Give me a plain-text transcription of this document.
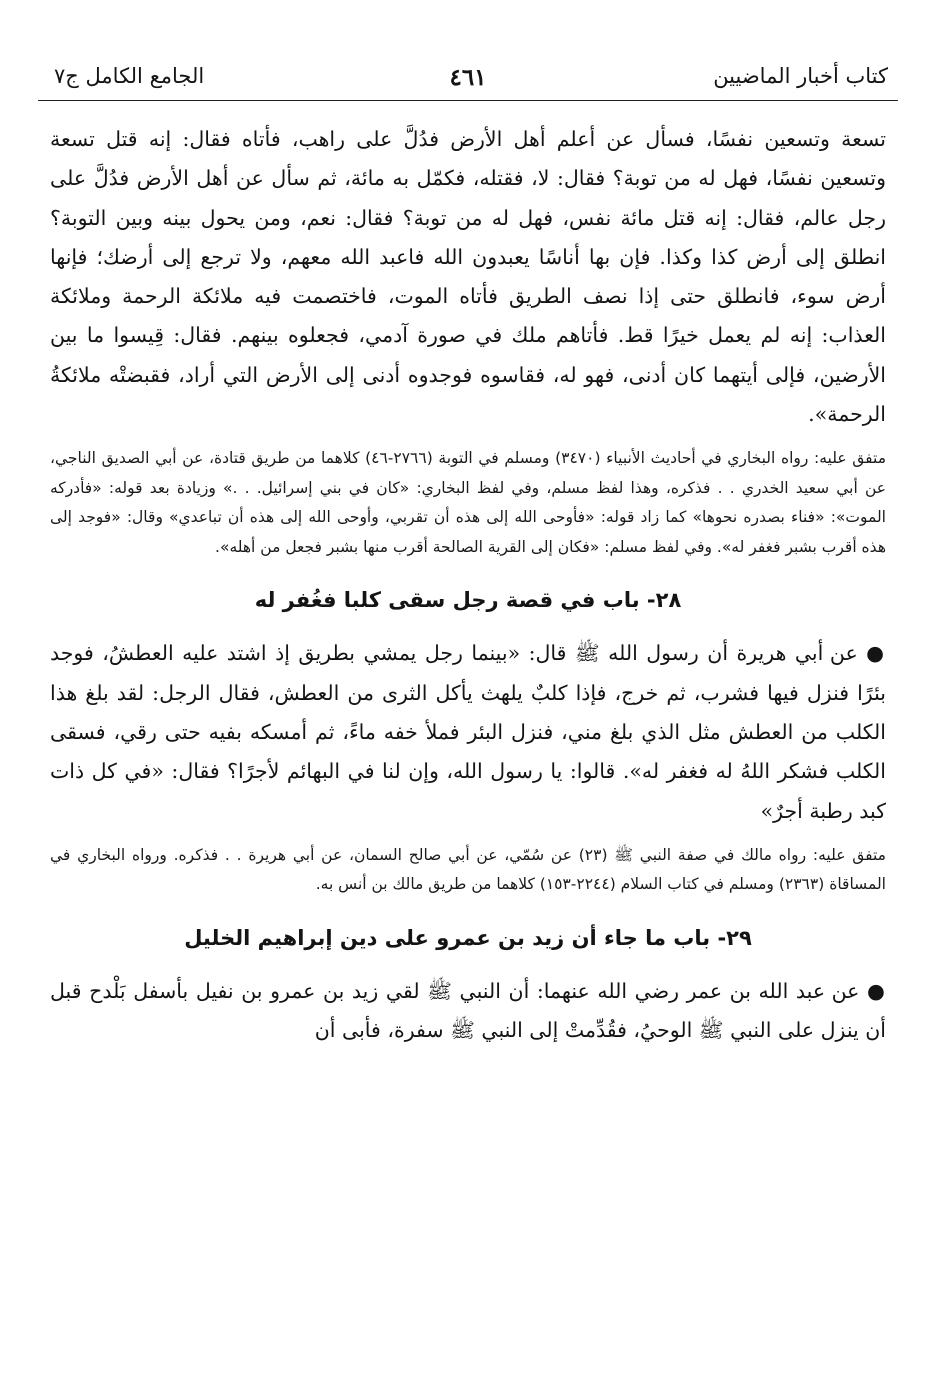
كتاب أخبار الماضيين
٤٦١
الجامع الكامل ج٧

تسعة وتسعين نفسًا، فسأل عن أعلم أهل الأرض فدُلَّ على راهب، فأتاه فقال: إنه قتل تسعة وتسعين نفسًا، فهل له من توبة؟ فقال: لا، فقتله، فكمّل به مائة، ثم سأل عن أهل الأرض فدُلَّ على رجل عالم، فقال: إنه قتل مائة نفس، فهل له من توبة؟ فقال: نعم، ومن يحول بينه وبين التوبة؟ انطلق إلى أرض كذا وكذا. فإن بها أناسًا يعبدون الله فاعبد الله معهم، ولا ترجع إلى أرضك؛ فإنها أرض سوء، فانطلق حتى إذا نصف الطريق فأتاه الموت، فاختصمت فيه ملائكة الرحمة وملائكة العذاب: إنه لم يعمل خيرًا قط. فأتاهم ملك في صورة آدمي، فجعلوه بينهم. فقال: قِيسوا ما بين الأرضين، فإلى أيتهما كان أدنى، فهو له، فقاسوه فوجدوه أدنى إلى الأرض التي أراد، فقبضتْه ملائكةُ الرحمة».

متفق عليه: رواه البخاري في أحاديث الأنبياء (٣٤٧٠) ومسلم في التوبة (٢٧٦٦-٤٦) كلاهما من طريق قتادة، عن أبي الصديق الناجي، عن أبي سعيد الخدري . . فذكره، وهذا لفظ مسلم، وفي لفظ البخاري: «كان في بني إسرائيل. . .» وزيادة بعد قوله: «فأدركه الموت»: «فناء بصدره نحوها» كما زاد قوله: «فأوحى الله إلى هذه أن تقربي، وأوحى الله إلى هذه أن تباعدي» وقال: «فوجد إلى هذه أقرب بشبر فغفر له». وفي لفظ مسلم: «فكان إلى القرية الصالحة أقرب منها بشبر فجعل من أهله».

٢٨- باب في قصة رجل سقى كلبا فغُفر له

● عن أبي هريرة أن رسول الله ﷺ قال: «بينما رجل يمشي بطريق إذ اشتد عليه العطشُ، فوجد بئرًا فنزل فيها فشرب، ثم خرج، فإذا كلبٌ يلهث يأكل الثرى من العطش، فقال الرجل: لقد بلغ هذا الكلب من العطش مثل الذي بلغ مني، فنزل البئر فملأ خفه ماءً، ثم أمسكه بفيه حتى رقي، فسقى الكلب فشكر اللهُ له فغفر له». قالوا: يا رسول الله، وإن لنا في البهائم لأجرًا؟ فقال: «في كل ذات كبد رطبة أجرٌ»

متفق عليه: رواه مالك في صفة النبي ﷺ (٢٣) عن سُمّي، عن أبي صالح السمان، عن أبي هريرة . . فذكره. ورواه البخاري في المساقاة (٢٣٦٣) ومسلم في كتاب السلام (٢٢٤٤-١٥٣) كلاهما من طريق مالك بن أنس به.

٢٩- باب ما جاء أن زيد بن عمرو على دين إبراهيم الخليل

● عن عبد الله بن عمر رضي الله عنهما: أن النبي ﷺ لقي زيد بن عمرو بن نفيل بأسفل بَلْدح قبل أن ينزل على النبي ﷺ الوحيُ، فقُدِّمتْ إلى النبي ﷺ سفرة، فأبى أن
